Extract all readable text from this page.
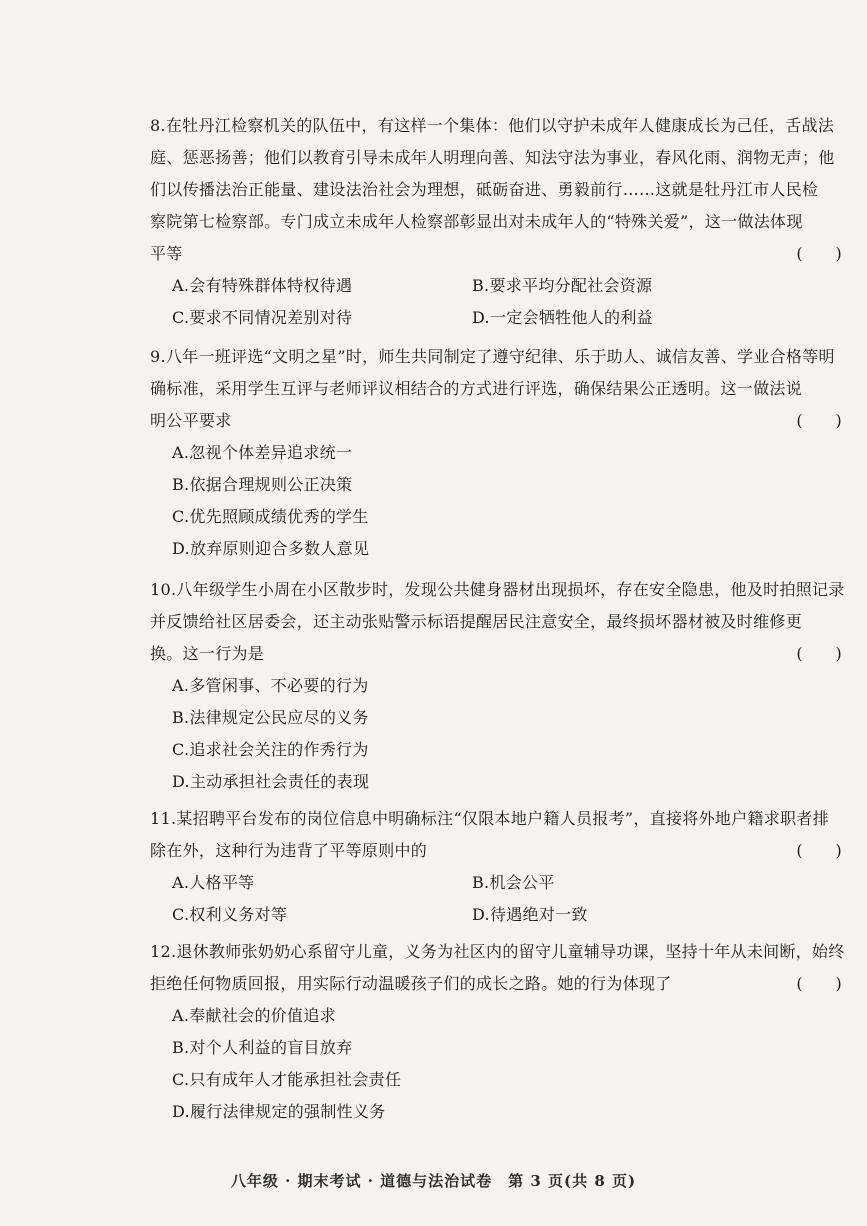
8.在牡丹江检察机关的队伍中，有这样一个集体：他们以守护未成年人健康成长为己任，舌战法
庭、惩恶扬善；他们以教育引导未成年人明理向善、知法守法为事业，春风化雨、润物无声；他
们以传播法治正能量、建设法治社会为理想，砥砺奋进、勇毅前行……这就是牡丹江市人民检
察院第七检察部。专门成立未成年人检察部彰显出对未成年人的“特殊关爱”，这一做法体现
平等	(　　)
A.会有特殊群体特权待遇	B.要求平均分配社会资源
C.要求不同情况差别对待	D.一定会牺牲他人的利益
9.八年一班评选“文明之星”时，师生共同制定了遵守纪律、乐于助人、诚信友善、学业合格等明
确标准，采用学生互评与老师评议相结合的方式进行评选，确保结果公正透明。这一做法说
明公平要求	(　　)
A.忽视个体差异追求统一
B.依据合理规则公正决策
C.优先照顾成绩优秀的学生
D.放弃原则迎合多数人意见
10.八年级学生小周在小区散步时，发现公共健身器材出现损坏，存在安全隐患，他及时拍照记录
并反馈给社区居委会，还主动张贴警示标语提醒居民注意安全，最终损坏器材被及时维修更
换。这一行为是	(　　)
A.多管闲事、不必要的行为
B.法律规定公民应尽的义务
C.追求社会关注的作秀行为
D.主动承担社会责任的表现
11.某招聘平台发布的岗位信息中明确标注“仅限本地户籍人员报考”，直接将外地户籍求职者排
除在外，这种行为违背了平等原则中的	(　　)
A.人格平等	B.机会公平
C.权利义务对等	D.待遇绝对一致
12.退休教师张奶奶心系留守儿童，义务为社区内的留守儿童辅导功课，坚持十年从未间断，始终
拒绝任何物质回报，用实际行动温暖孩子们的成长之路。她的行为体现了	(　　)
A.奉献社会的价值追求
B.对个人利益的盲目放弃
C.只有成年人才能承担社会责任
D.履行法律规定的强制性义务
八年级 · 期末考试 · 道德与法治试卷　第 3 页(共 8 页)
